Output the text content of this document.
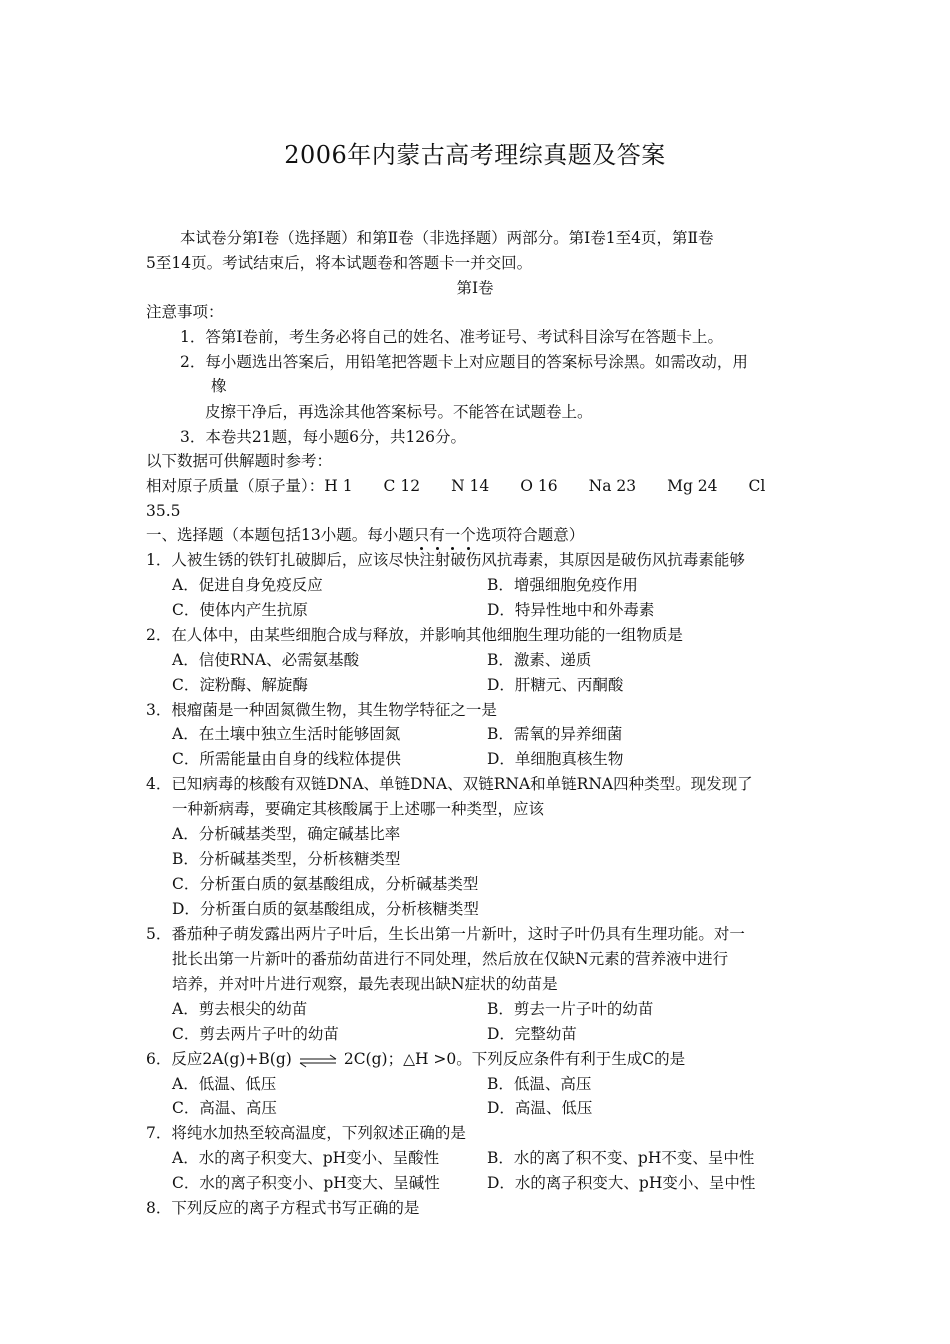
2006年内蒙古高考理综真题及答案
本试卷分第Ⅰ卷（选择题）和第Ⅱ卷（非选择题）两部分。第Ⅰ卷1至4页，第Ⅱ卷
5至14页。考试结束后，将本试题卷和答题卡一并交回。
第Ⅰ卷
注意事项：
1．答第Ⅰ卷前，考生务必将自己的姓名、准考证号、考试科目涂写在答题卡上。
2．每小题选出答案后，用铅笔把答题卡上对应题目的答案标号涂黑。如需改动，用
橡
皮擦干净后，再选涂其他答案标号。不能答在试题卷上。
3．本卷共21题，每小题6分，共126分。
以下数据可供解题时参考：
相对原子质量（原子量）：H 1　　C 12　　N 14　　O 16　　Na 23　　Mg 24　　Cl
35.5
一、选择题（本题包括13小题。每小题只有一个选项符合题意）
1．人被生锈的铁钉扎破脚后，应该尽快注射破伤风抗毒素，其原因是破伤风抗毒素能够
A．促进自身免疫反应	B．增强细胞免疫作用
C．使体内产生抗原	D．特异性地中和外毒素
2．在人体中，由某些细胞合成与释放，并影响其他细胞生理功能的一组物质是
A．信使RNA、必需氨基酸	B．激素、递质
C．淀粉酶、解旋酶	D．肝糖元、丙酮酸
3．根瘤菌是一种固氮微生物，其生物学特征之一是
A．在土壤中独立生活时能够固氮	B．需氧的异养细菌
C．所需能量由自身的线粒体提供	D．单细胞真核生物
4．已知病毒的核酸有双链DNA、单链DNA、双链RNA和单链RNA四种类型。现发现了
一种新病毒，要确定其核酸属于上述哪一种类型，应该
A．分析碱基类型，确定碱基比率
B．分析碱基类型，分析核糖类型
C．分析蛋白质的氨基酸组成，分析碱基类型
D．分析蛋白质的氨基酸组成，分析核糖类型
5．番茄种子萌发露出两片子叶后，生长出第一片新叶，这时子叶仍具有生理功能。对一
批长出第一片新叶的番茄幼苗进行不同处理，然后放在仅缺N元素的营养液中进行
培养，并对叶片进行观察，最先表现出缺N症状的幼苗是
A．剪去根尖的幼苗	B．剪去一片子叶的幼苗
C．剪去两片子叶的幼苗	D．完整幼苗
6．反应2A(g)+B(g) ⇌ 2C(g)；△H >0。下列反应条件有利于生成C的是
A．低温、低压	B．低温、高压
C．高温、高压	D．高温、低压
7．将纯水加热至较高温度，下列叙述正确的是
A．水的离子积变大、pH变小、呈酸性	B．水的离了积不变、pH不变、呈中性
C．水的离子积变小、pH变大、呈碱性	D．水的离子积变大、pH变小、呈中性
8．下列反应的离子方程式书写正确的是
